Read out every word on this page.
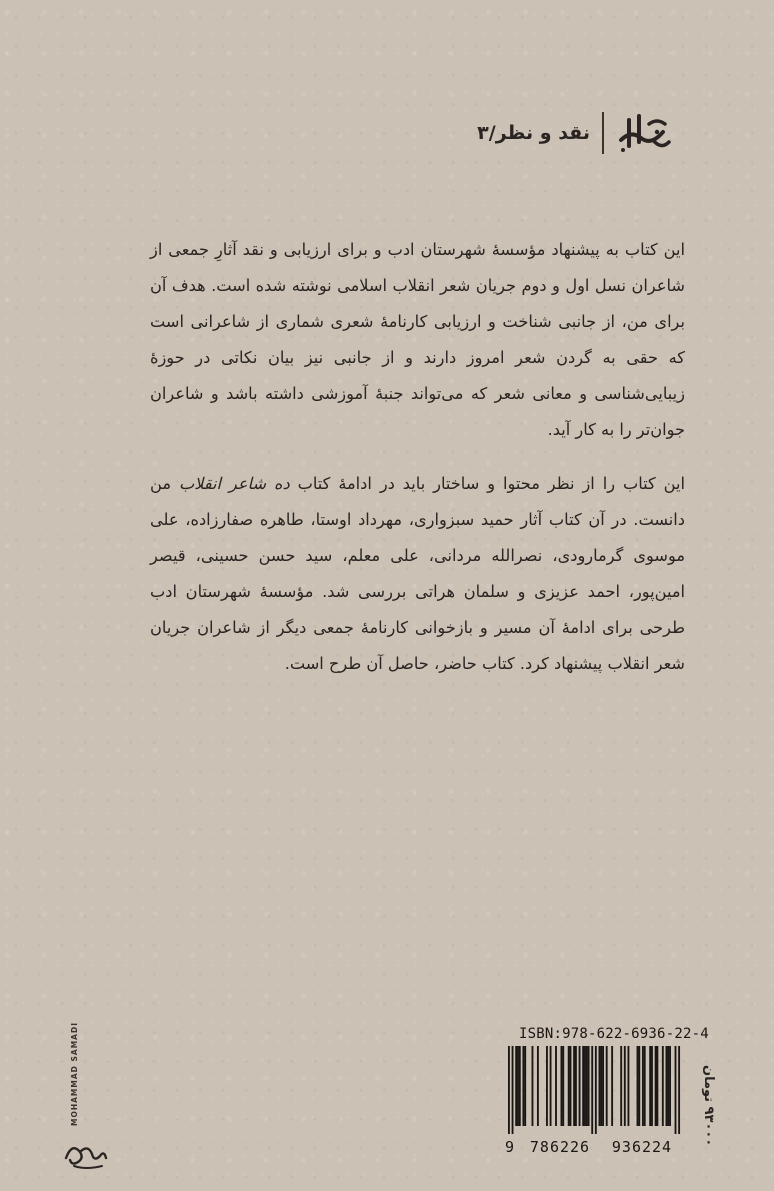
نقد و نظر/۳

این کتاب به پیشنهاد مؤسسهٔ شهرستان ادب و برای ارزیابی و نقد آثارِ جمعی از شاعران نسل اول و دوم جریان شعر انقلاب اسلامی نوشته شده است. هدف آن برای من، از جانبی شناخت و ارزیابی کارنامهٔ شعری شماری از شاعرانی است که حقی به گردن شعر امروز دارند و از جانبی نیز بیان نکاتی در حوزهٔ زیبایی‌شناسی و معانی شعر که می‌تواند جنبهٔ آموزشی داشته باشد و شاعران جوان‌تر را به کار آید.

این کتاب را از نظر محتوا و ساختار باید در ادامهٔ کتاب ده شاعر انقلاب من دانست. در آن کتاب آثار حمید سبزواری، مهرداد اوستا، طاهره صفارزاده، علی موسوی گرمارودی، نصرالله مردانی، علی معلم، سید حسن حسینی، قیصر امین‌پور، احمد عزیزی و سلمان هراتی بررسی شد. مؤسسهٔ شهرستان ادب طرحی برای ادامهٔ آن مسیر و بازخوانی کارنامهٔ جمعی دیگر از شاعران جریان شعر انقلاب پیشنهاد کرد. کتاب حاضر، حاصل آن طرح است.

MOHAMMAD SAMADI	ISBN:978-622-6936-22-4
9	786226	936224
۹۳۰۰۰ تومان
